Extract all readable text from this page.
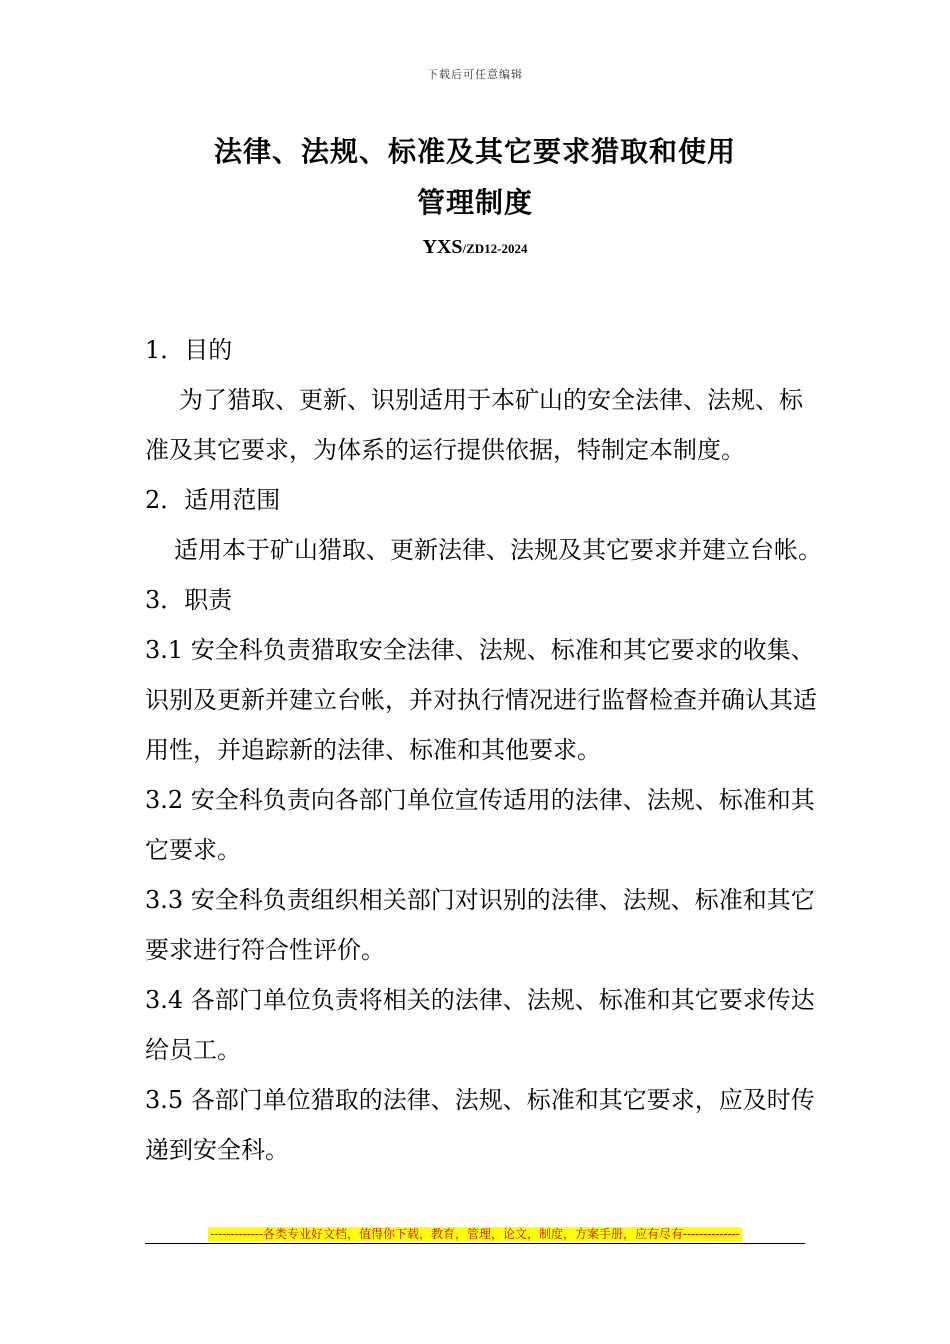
下载后可任意编辑
法律、法规、标准及其它要求猎取和使用
管理制度
YXS/ZD12-2024

1．目的

为了猎取、更新、识别适用于本矿山的安全法律、法规、标准及其它要求，为体系的运行提供依据，特制定本制度。

2．适用范围

适用本于矿山猎取、更新法律、法规及其它要求并建立台帐。

3．职责

3.1 安全科负责猎取安全法律、法规、标准和其它要求的收集、识别及更新并建立台帐，并对执行情况进行监督检查并确认其适用性，并追踪新的法律、标准和其他要求。

3.2 安全科负责向各部门单位宣传适用的法律、法规、标准和其它要求。

3.3 安全科负责组织相关部门对识别的法律、法规、标准和其它要求进行符合性评价。

3.4 各部门单位负责将相关的法律、法规、标准和其它要求传达给员工。

3.5 各部门单位猎取的法律、法规、标准和其它要求，应及时传递到安全科。

-------------各类专业好文档，值得你下载，教育，管理，论文，制度，方案手册，应有尽有--------------
